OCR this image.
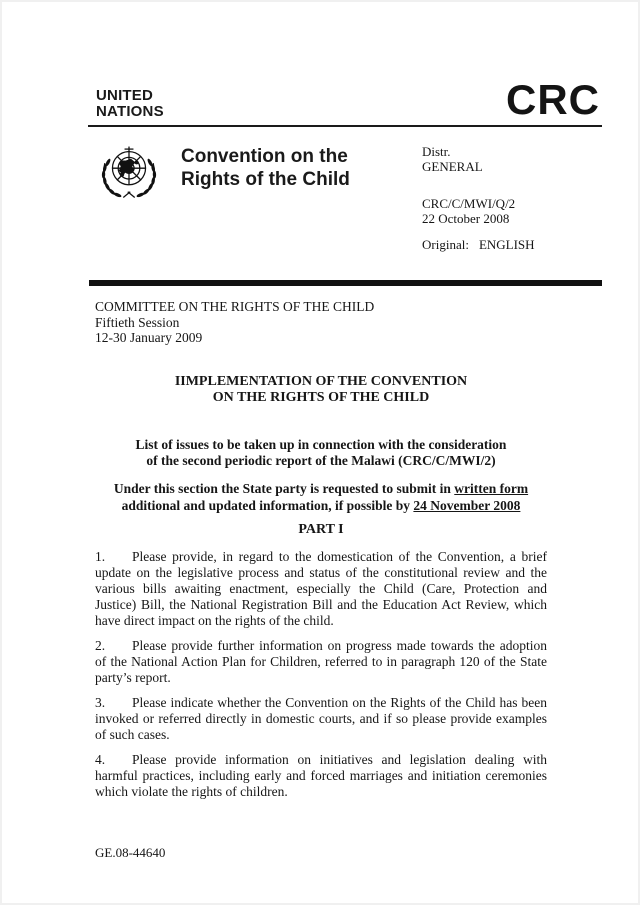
UNITED
NATIONS	CRC
Convention on the
Rights of the Child
Distr.
GENERAL
CRC/C/MWI/Q/2
22 October 2008
Original: ENGLISH
COMMITTEE ON THE RIGHTS OF THE CHILD
Fiftieth Session
12-30 January 2009
IIMPLEMENTATION OF THE CONVENTION
ON THE RIGHTS OF THE CHILD
List of issues to be taken up in connection with the consideration
of the second periodic report of the Malawi (CRC/C/MWI/2)
Under this section the State party is requested to submit in written form
additional and updated information, if possible by 24 November 2008
PART I

1. Please provide, in regard to the domestication of the Convention, a brief update on the legislative process and status of the constitutional review and the various bills awaiting enactment, especially the Child (Care, Protection and Justice) Bill, the National Registration Bill and the Education Act Review, which have direct impact on the rights of the child.

2. Please provide further information on progress made towards the adoption of the National Action Plan for Children, referred to in paragraph 120 of the State party’s report.

3. Please indicate whether the Convention on the Rights of the Child has been invoked or referred directly in domestic courts, and if so please provide examples of such cases.

4. Please provide information on initiatives and legislation dealing with harmful practices, including early and forced marriages and initiation ceremonies which violate the rights of children.

GE.08-44640
